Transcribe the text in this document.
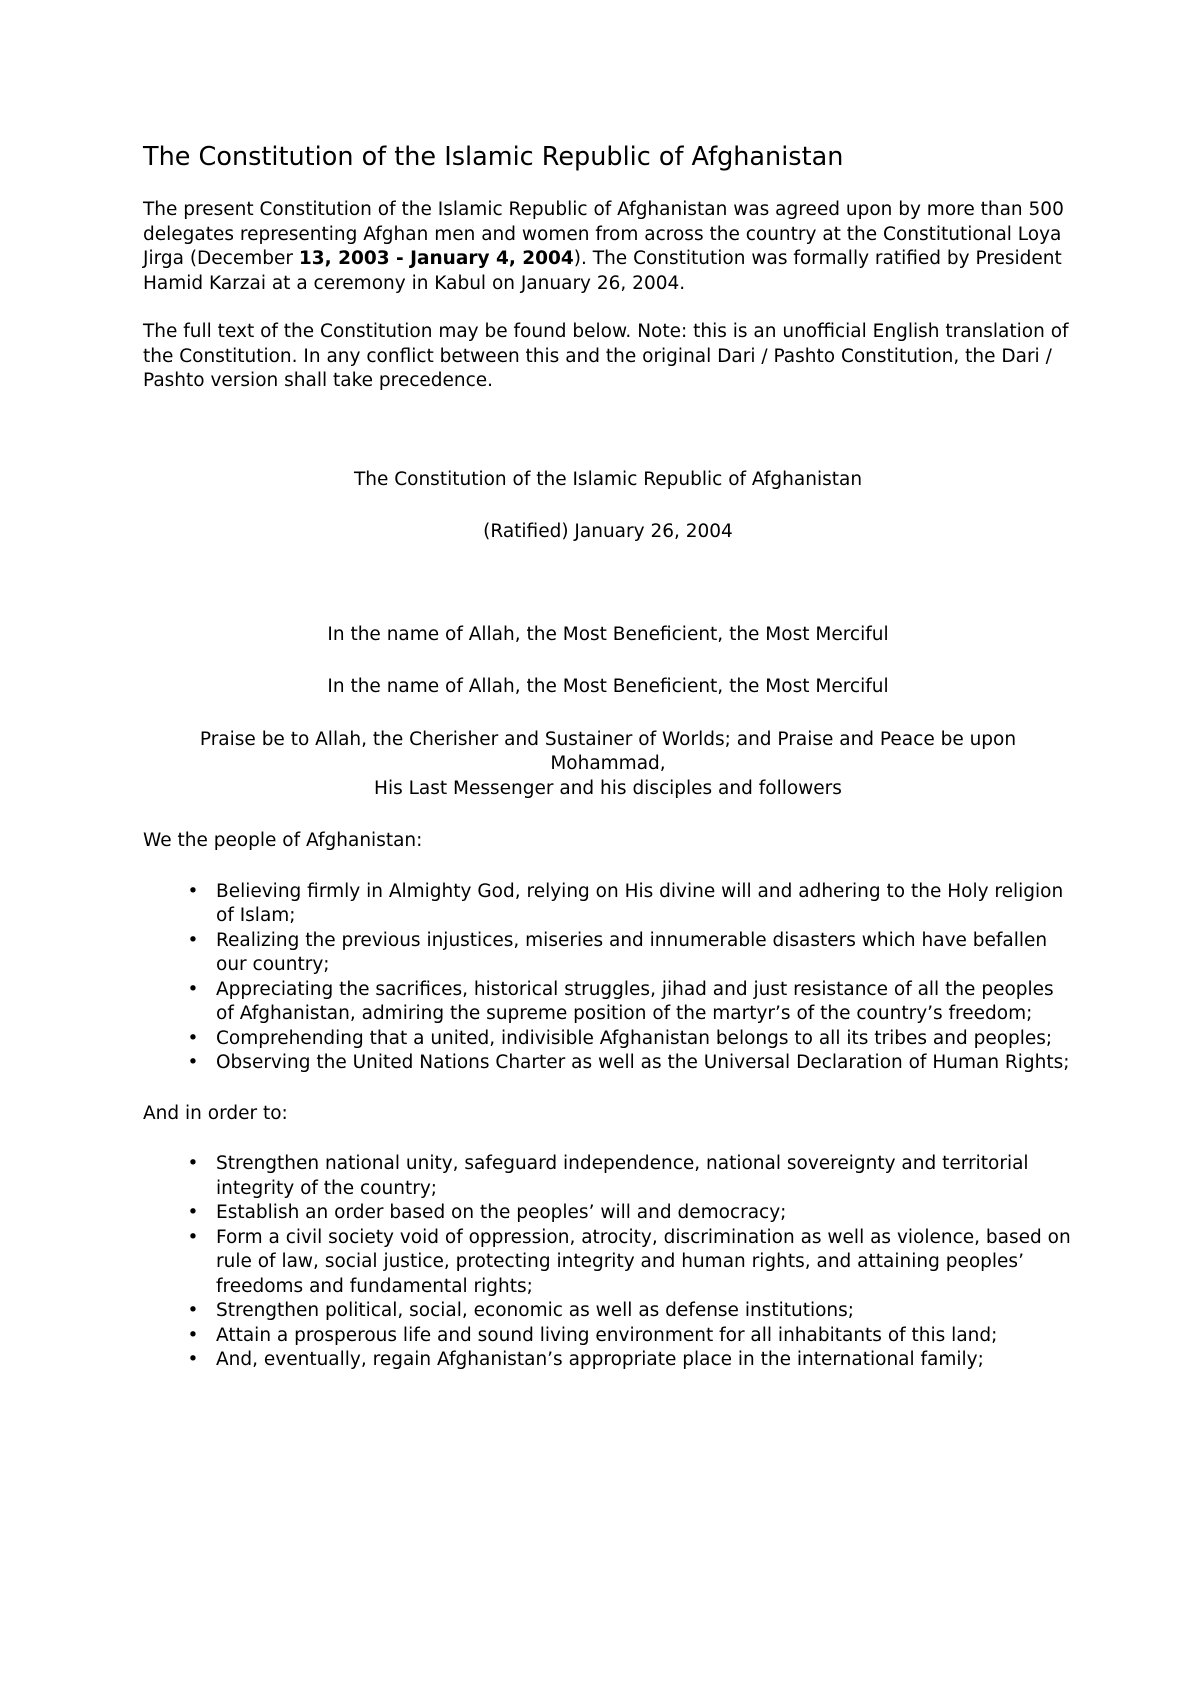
The Constitution of the Islamic Republic of Afghanistan

The present Constitution of the Islamic Republic of Afghanistan was agreed upon by more than 500 delegates representing Afghan men and women from across the country at the Constitutional Loya Jirga (December 13, 2003 - January 4, 2004). The Constitution was formally ratified by President Hamid Karzai at a ceremony in Kabul on January 26, 2004.

The full text of the Constitution may be found below. Note: this is an unofficial English translation of the Constitution. In any conflict between this and the original Dari / Pashto Constitution, the Dari / Pashto version shall take precedence.

The Constitution of the Islamic Republic of Afghanistan

(Ratified) January 26, 2004

In the name of Allah, the Most Beneficient, the Most Merciful

In the name of Allah, the Most Beneficient, the Most Merciful

Praise be to Allah, the Cherisher and Sustainer of Worlds; and Praise and Peace be upon Mohammad,
His Last Messenger and his disciples and followers

We the people of Afghanistan:

• Believing firmly in Almighty God, relying on His divine will and adhering to the Holy religion of Islam;
• Realizing the previous injustices, miseries and innumerable disasters which have befallen our country;
• Appreciating the sacrifices, historical struggles, jihad and just resistance of all the peoples of Afghanistan, admiring the supreme position of the martyr’s of the country’s freedom;
• Comprehending that a united, indivisible Afghanistan belongs to all its tribes and peoples;
• Observing the United Nations Charter as well as the Universal Declaration of Human Rights;

And in order to:

• Strengthen national unity, safeguard independence, national sovereignty and territorial integrity of the country;
• Establish an order based on the peoples’ will and democracy;
• Form a civil society void of oppression, atrocity, discrimination as well as violence, based on rule of law, social justice, protecting integrity and human rights, and attaining peoples’ freedoms and fundamental rights;
• Strengthen political, social, economic as well as defense institutions;
• Attain a prosperous life and sound living environment for all inhabitants of this land;
• And, eventually, regain Afghanistan’s appropriate place in the international family;
